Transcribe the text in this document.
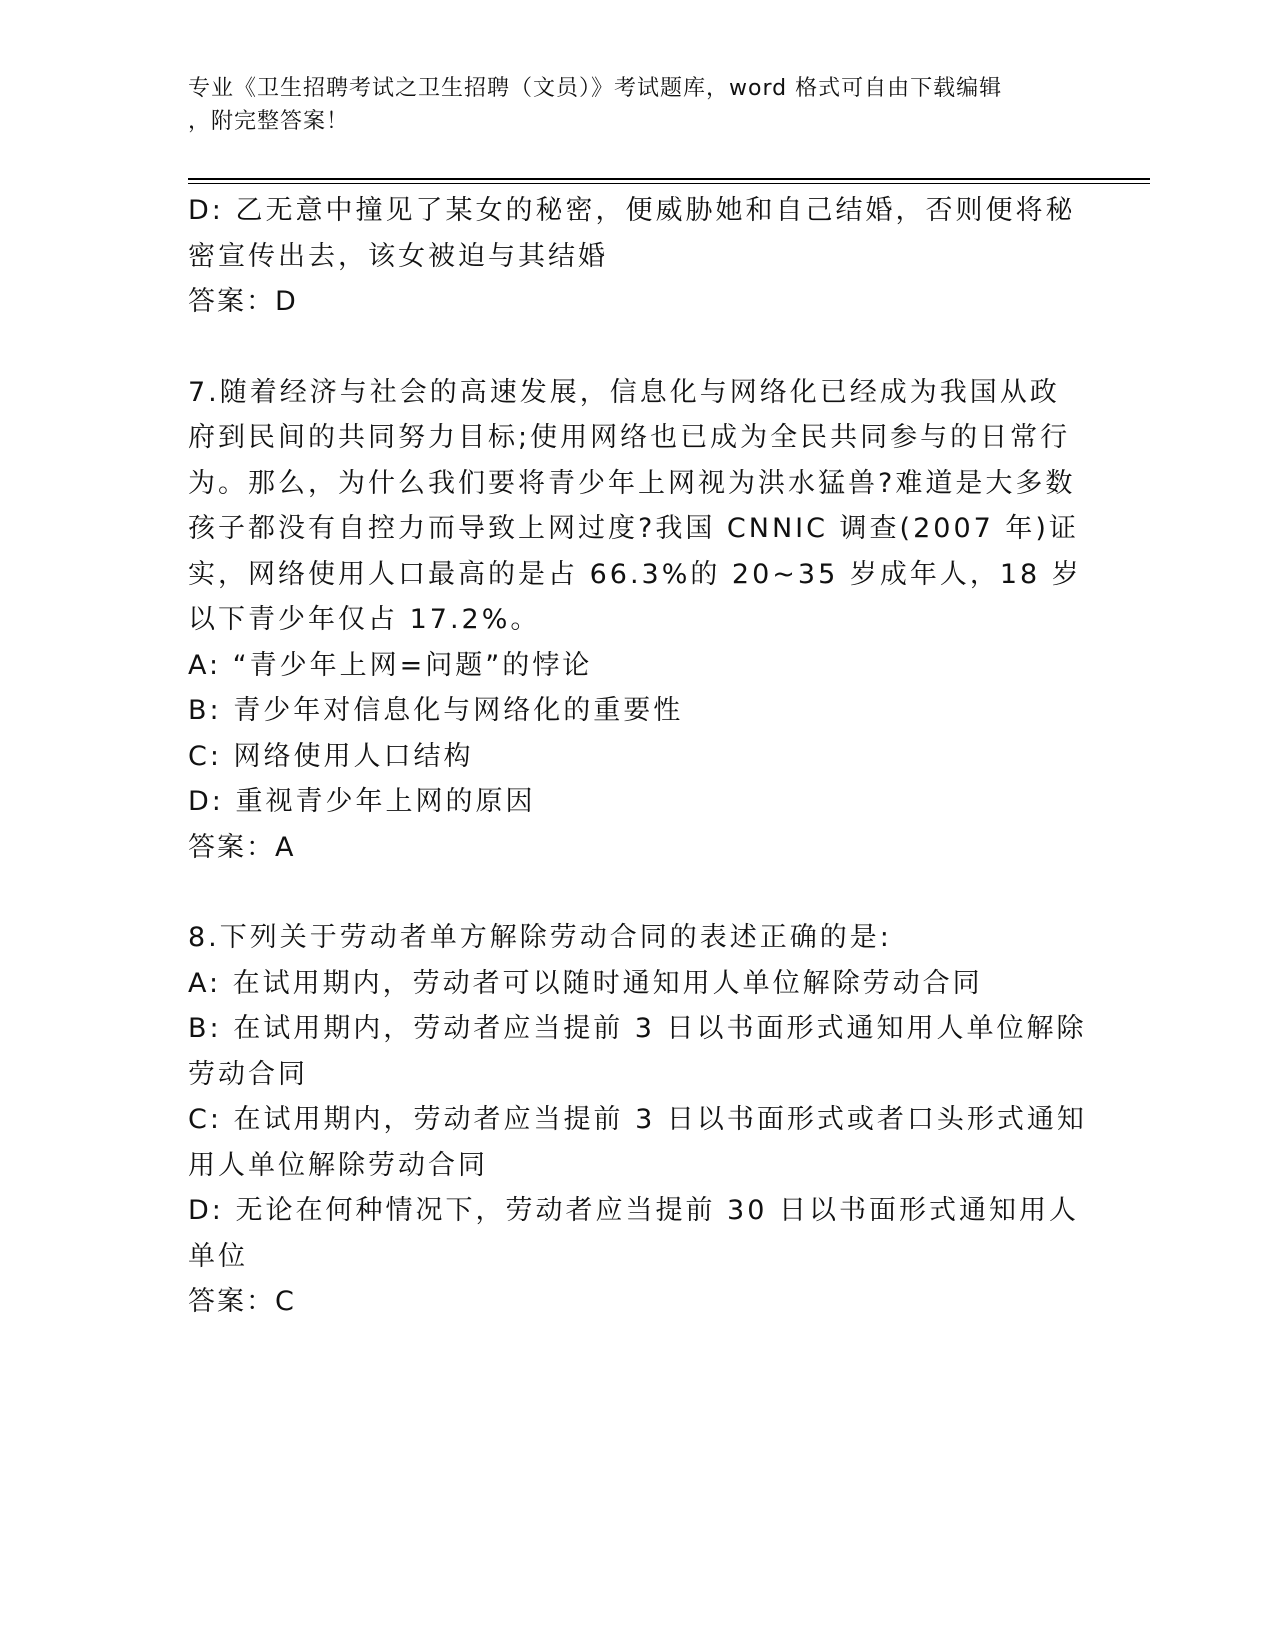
专业《卫生招聘考试之卫生招聘（文员）》考试题库，word 格式可自由下载编辑
，附完整答案！

D: 乙无意中撞见了某女的秘密，便威胁她和自己结婚，否则便将秘密宣传出去，该女被迫与其结婚

答案：D

7.随着经济与社会的高速发展，信息化与网络化已经成为我国从政府到民间的共同努力目标;使用网络也已成为全民共同参与的日常行为。那么，为什么我们要将青少年上网视为洪水猛兽?难道是大多数孩子都没有自控力而导致上网过度?我国 CNNIC 调查(2007 年)证实，网络使用人口最高的是占 66.3%的 20~35 岁成年人，18 岁以下青少年仅占 17.2%。

A: “青少年上网=问题”的悖论

B: 青少年对信息化与网络化的重要性

C: 网络使用人口结构

D: 重视青少年上网的原因

答案：A

8.下列关于劳动者单方解除劳动合同的表述正确的是:

A: 在试用期内，劳动者可以随时通知用人单位解除劳动合同

B: 在试用期内，劳动者应当提前 3 日以书面形式通知用人单位解除劳动合同

C: 在试用期内，劳动者应当提前 3 日以书面形式或者口头形式通知用人单位解除劳动合同

D: 无论在何种情况下，劳动者应当提前 30 日以书面形式通知用人单位

答案：C
